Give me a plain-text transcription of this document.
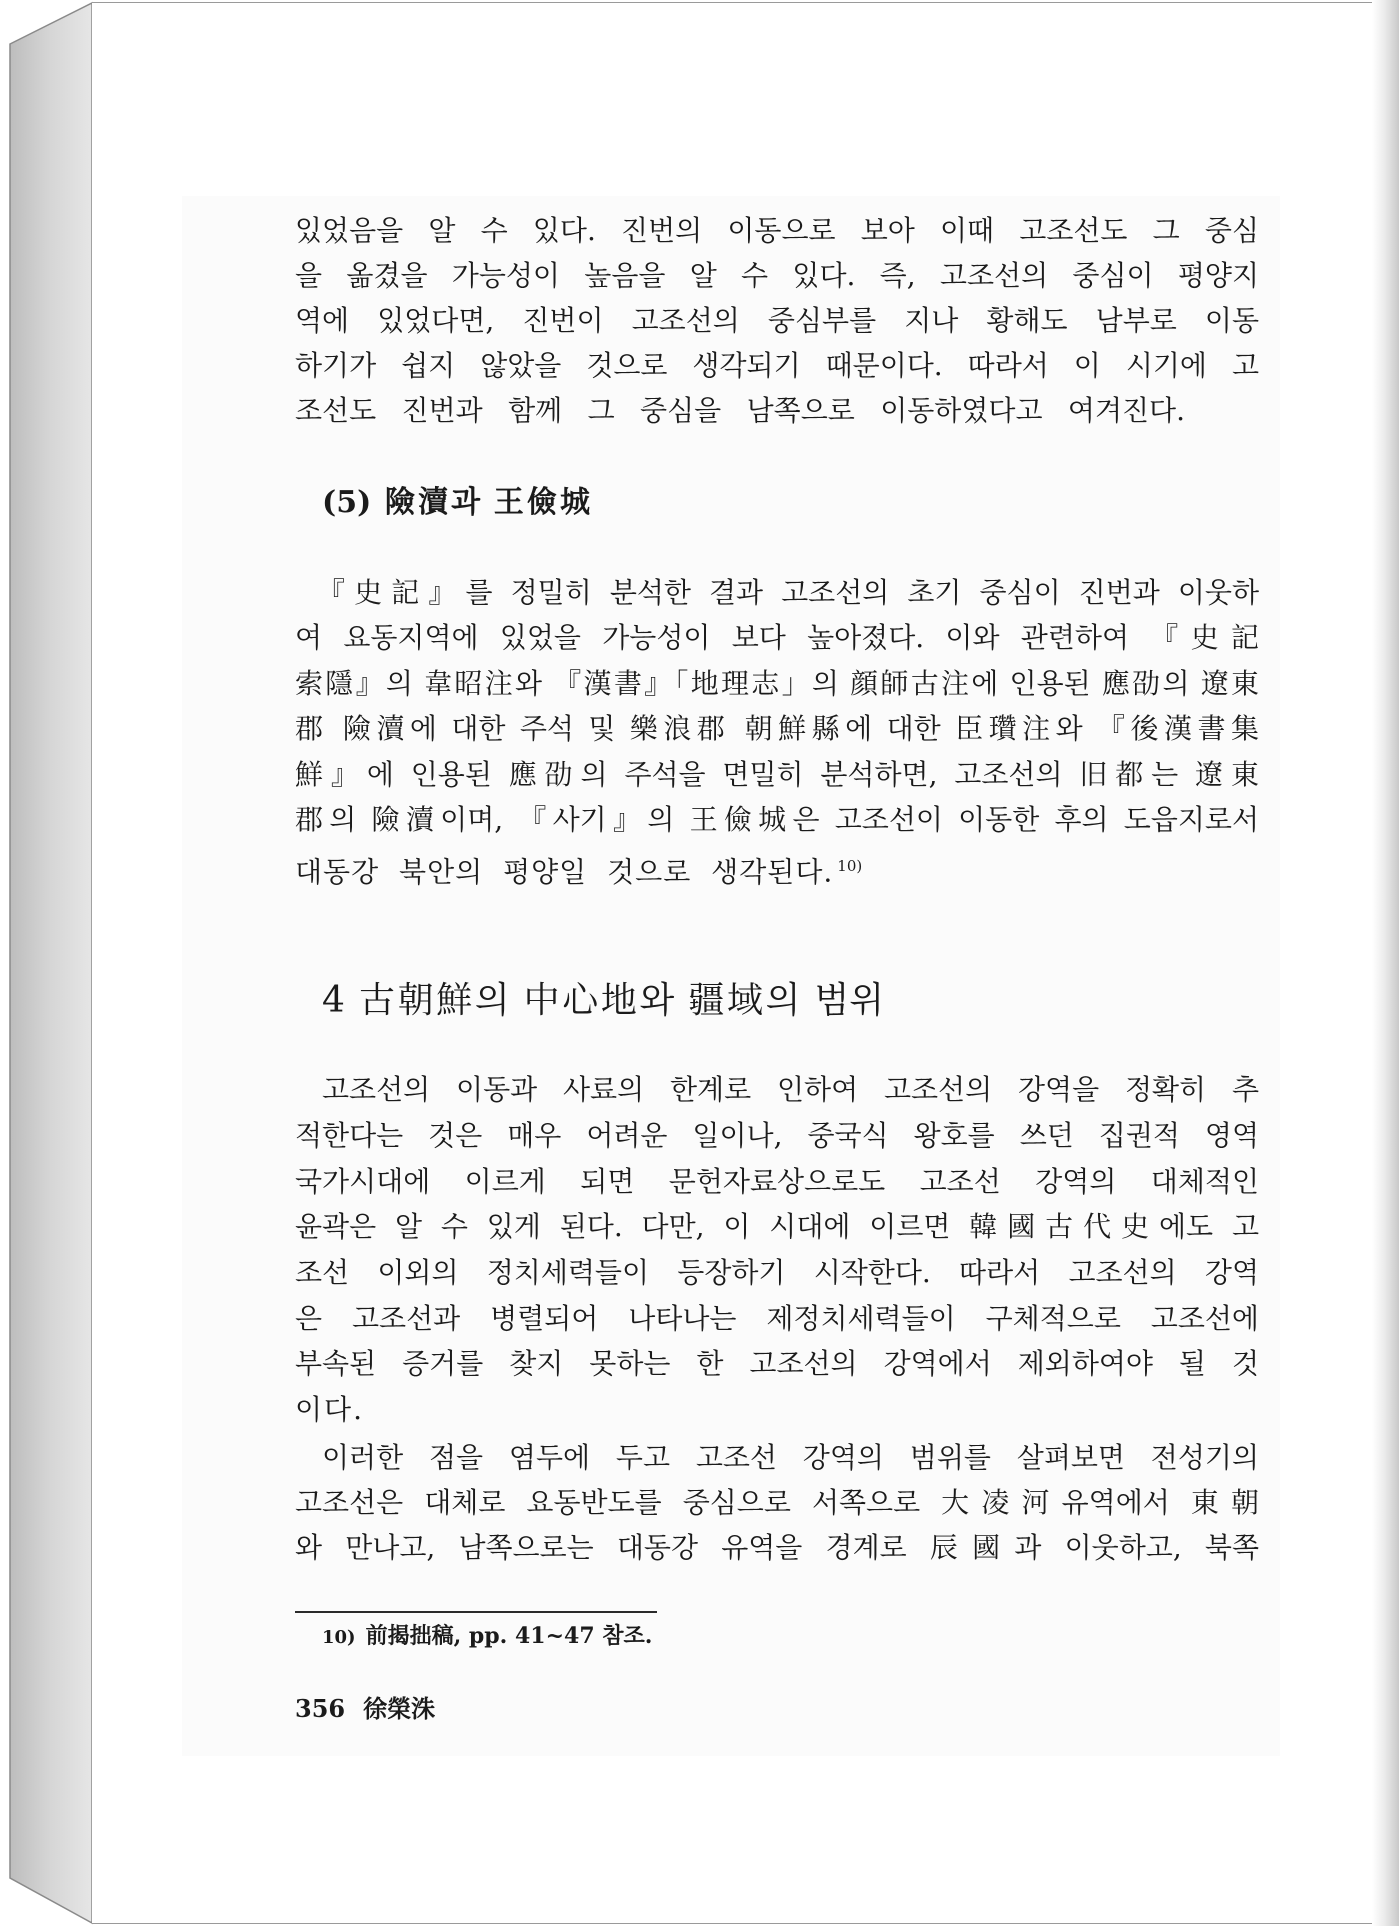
있었음을 알 수 있다. 진번의 이동으로 보아 이때 고조선도 그 중심
을 옮겼을 가능성이 높음을 알 수 있다. 즉, 고조선의 중심이 평양지
역에 있었다면, 진번이 고조선의 중심부를 지나 황해도 남부로 이동
하기가 쉽지 않았을 것으로 생각되기 때문이다. 따라서 이 시기에 고
조선도 진번과 함께 그 중심을 남쪽으로 이동하였다고 여겨진다.
(5) 險瀆과 王儉城
『史記』를 정밀히 분석한 결과 고조선의 초기 중심이 진번과 이웃하
여 요동지역에 있었을 가능성이 보다 높아졌다. 이와 관련하여 『史記
索隱』의 韋昭注와 『漢書』「地理志」의 顔師古注에 인용된 應劭의 遼東
郡 險瀆에 대한 주석 및 樂浪郡 朝鮮縣에 대한 臣瓚注와 『後漢書集
鮮』에 인용된 應劭의 주석을 면밀히 분석하면, 고조선의 旧都는 遼東
郡의 險瀆이며, 『사기』의 王儉城은 고조선이 이동한 후의 도읍지로서
대동강 북안의 평양일 것으로 생각된다. $^{10)}$
4 古朝鮮의 中心地와 疆域의 범위
고조선의 이동과 사료의 한계로 인하여 고조선의 강역을 정확히 추
적한다는 것은 매우 어려운 일이나, 중국식 왕호를 쓰던 집권적 영역
국가시대에 이르게 되면 문헌자료상으로도 고조선 강역의 대체적인
윤곽은 알 수 있게 된다. 다만, 이 시대에 이르면 韓國古代史에도 고
조선 이외의 정치세력들이 등장하기 시작한다. 따라서 고조선의 강역
은 고조선과 병렬되어 나타나는 제정치세력들이 구체적으로 고조선에
부속된 증거를 찾지 못하는 한 고조선의 강역에서 제외하여야 될 것
이다.
이러한 점을 염두에 두고 고조선 강역의 범위를 살펴보면 전성기의
고조선은 대체로 요동반도를 중심으로 서쪽으로 大凌河유역에서 東朝
와 만나고, 남쪽으로는 대동강 유역을 경계로 辰國과 이웃하고, 북쪽
10) 前揭拙稿, pp. 41~47 참조.
356 徐榮洙
